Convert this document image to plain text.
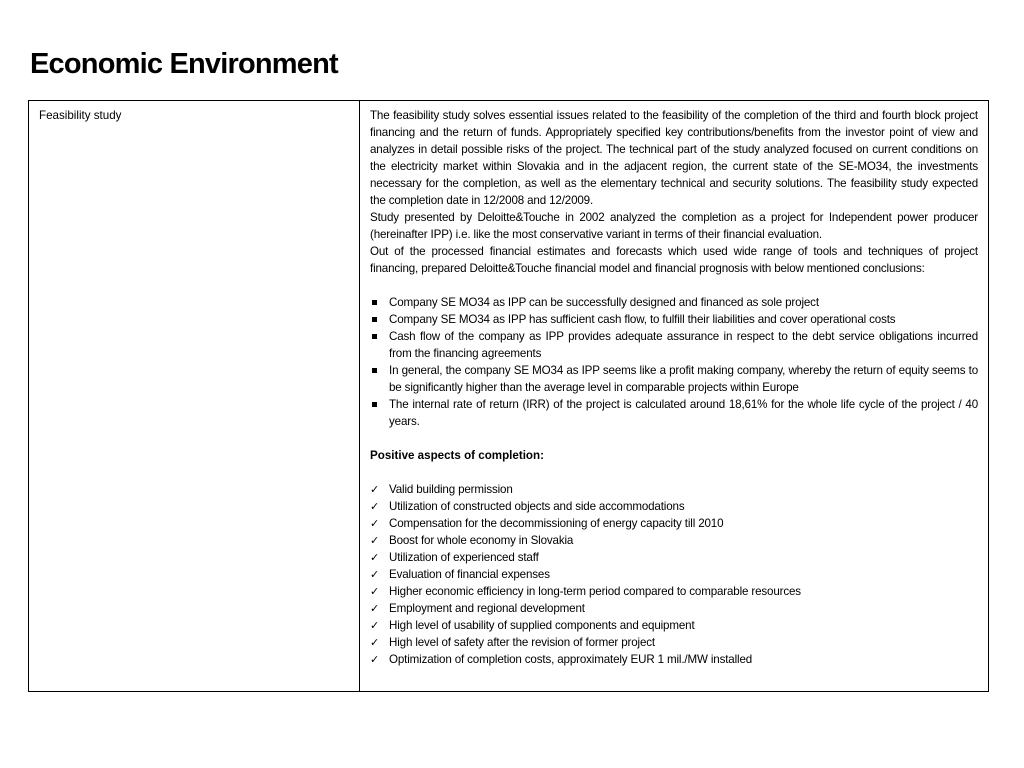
Economic Environment
Feasibility study	The feasibility study solves essential issues related to the feasibility of the completion of the third and fourth block project financing and the return of funds. Appropriately specified key contributions/benefits from the investor point of view and analyzes in detail possible risks of the project. The technical part of the study analyzed focused on current conditions on the electricity market within Slovakia and in the adjacent region, the current state of the SE-MO34, the investments necessary for the completion, as well as the elementary technical and security solutions. The feasibility study expected the completion date in 12/2008 and 12/2009.

Study presented by Deloitte&Touche in 2002 analyzed the completion as a project for Independent power producer (hereinafter IPP) i.e. like the most conservative variant in terms of their financial evaluation.

Out of the processed financial estimates and forecasts which used wide range of tools and techniques of project financing, prepared Deloitte&Touche financial model and financial prognosis with below mentioned conclusions:

Company SE MO34 as IPP can be successfully designed and financed as sole project
Company SE MO34 as IPP has sufficient cash flow, to fulfill their liabilities and cover operational costs
Cash flow of the company as IPP provides adequate assurance in respect to the debt service obligations incurred from the financing agreements
In general, the company SE MO34 as IPP seems like a profit making company, whereby the return of equity seems to be significantly higher than the average level in comparable projects within Europe
The internal rate of return (IRR) of the project is calculated around 18,61% for the whole life cycle of the project / 40 years.

Positive aspects of completion:

✓ Valid building permission
✓ Utilization of constructed objects and side accommodations
✓ Compensation for the decommissioning of energy capacity till 2010
✓ Boost for whole economy in Slovakia
✓ Utilization of experienced staff
✓ Evaluation of financial expenses
✓ Higher economic efficiency in long-term period compared to comparable resources
✓ Employment and regional development
✓ High level of usability of supplied components and equipment
✓ High level of safety after the revision of former project
✓ Optimization of completion costs, approximately EUR 1 mil./MW installed
